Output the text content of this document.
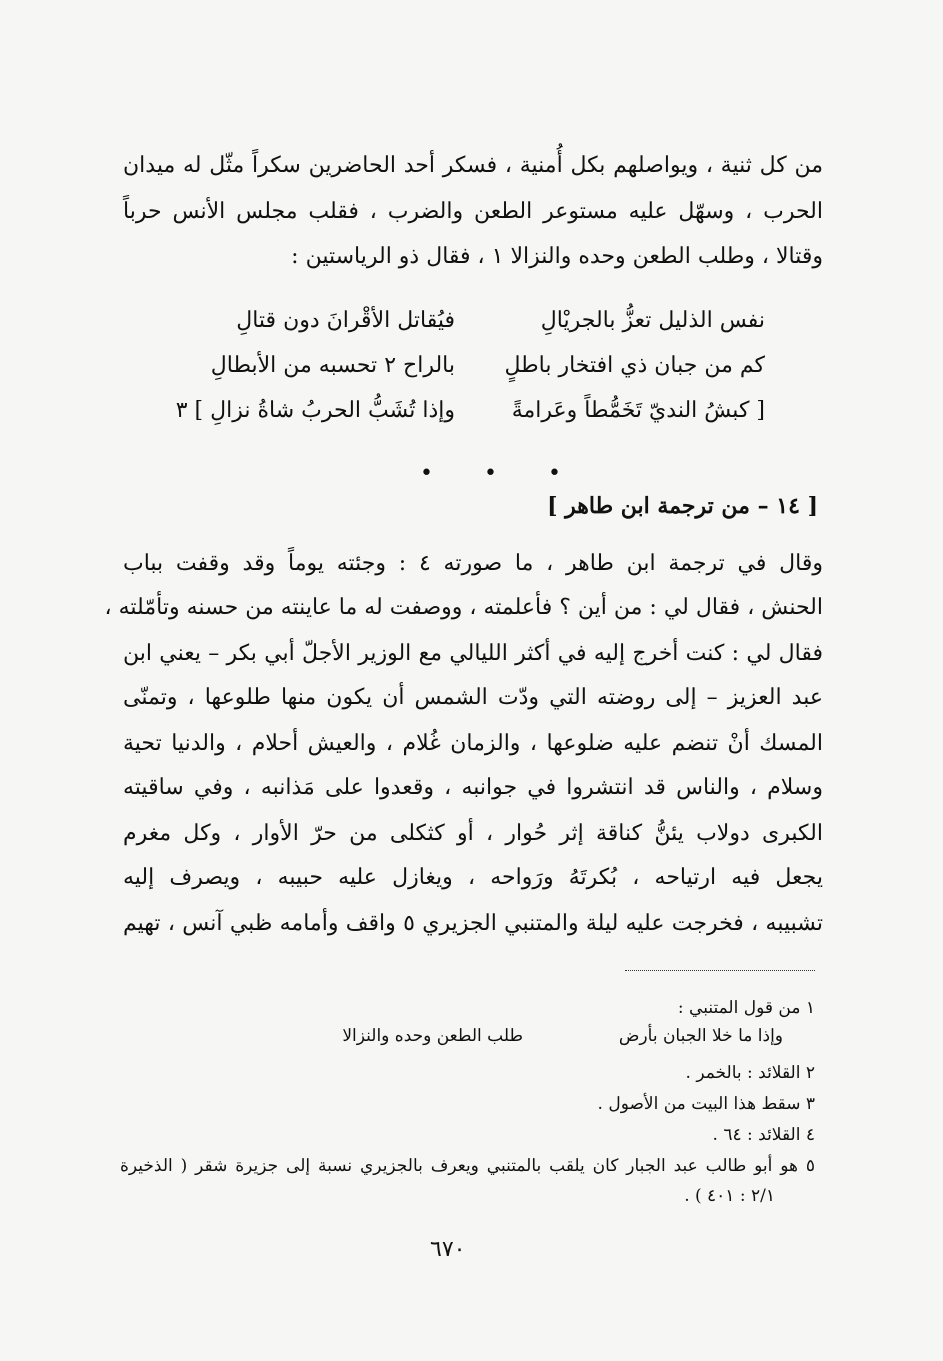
من كل ثنية ، ويواصلهم بكل أُمنية ، فسكر أحد الحاضرين سكراً مثّل له ميدان
الحرب ، وسهّل عليه مستوعر الطعن والضرب ، فقلب مجلس الأنس حرباً
وقتالا ، وطلب الطعن وحده والنزالا ١ ، فقال ذو الرياستين :
نفس الذليل تعزُّ بالجريْالِ
فيُقاتل الأقْرانَ دون قتالِ
كم من جبان ذي افتخار باطلٍ
بالراح ٢ تحسبه من الأبطالِ
[ كبشُ النديّ تَخَمُّطاً وعَرامةً
وإذا تُشَبُّ الحربُ شاةُ نزالِ ] ٣
• • •
[ ١٤ – من ترجمة ابن طاهر ]
وقال في ترجمة ابن طاهر ، ما صورته ٤ : وجئته يوماً وقد وقفت بباب
الحنش ، فقال لي : من أين ؟ فأعلمته ، ووصفت له ما عاينته من حسنه وتأمّلته ،
فقال لي : كنت أخرج إليه في أكثر الليالي مع الوزير الأجلّ أبي بكر – يعني ابن
عبد العزيز – إلى روضته التي ودّت الشمس أن يكون منها طلوعها ، وتمنّى
المسك أنْ تنضم عليه ضلوعها ، والزمان غُلام ، والعيش أحلام ، والدنيا تحية
وسلام ، والناس قد انتشروا في جوانبه ، وقعدوا على مَذانبه ، وفي ساقيته
الكبرى دولاب يئنُّ كناقة إثر حُوار ، أو كثكلى من حرّ الأوار ، وكل مغرم
يجعل فيه ارتياحه ، بُكرتَهُ ورَواحه ، ويغازل عليه حبيبه ، ويصرف إليه
تشبيبه ، فخرجت عليه ليلة والمتنبي الجزيري ٥ واقف وأمامه ظبي آنس ، تهيم
١ من قول المتنبي :
وإذا ما خلا الجبان بأرض
طلب الطعن وحده والنزالا
٢ القلائد : بالخمر .
٣ سقط هذا البيت من الأصول .
٤ القلائد : ٦٤ .
٥ هو أبو طالب عبد الجبار كان يلقب بالمتنبي ويعرف بالجزيري نسبة إلى جزيرة شقر ( الذخيرة
٢/١ : ٤٠١ ) .
٦٧٠
